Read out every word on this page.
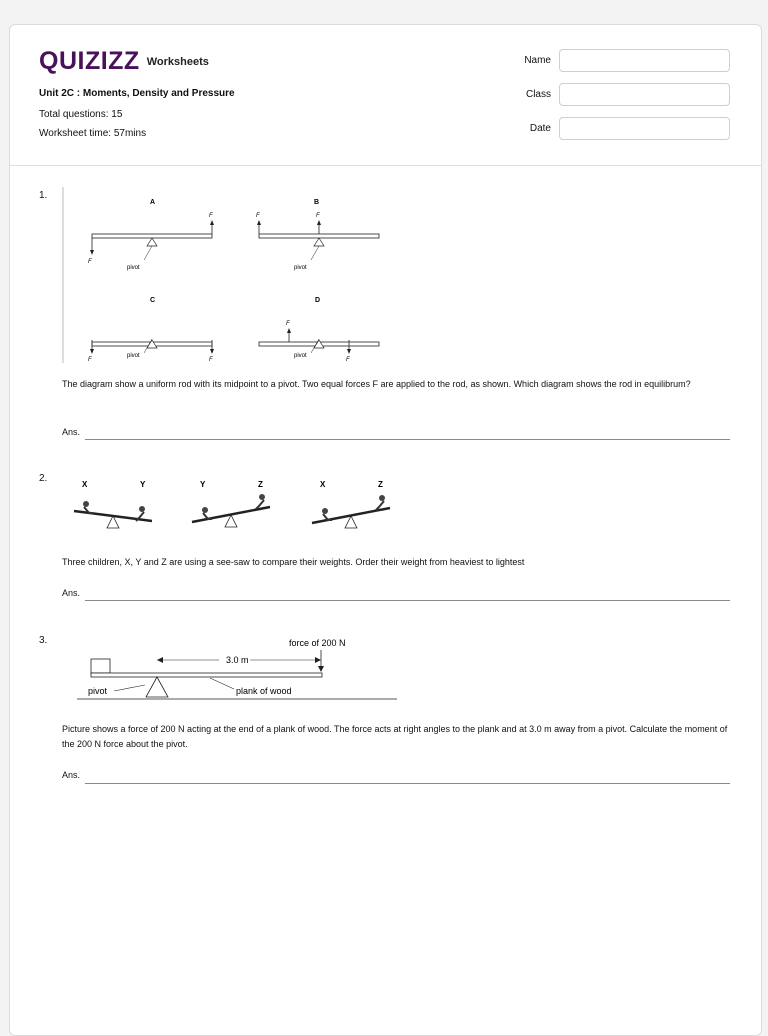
QUIZIZZ Worksheets
Unit 2C : Moments, Density and Pressure
Total questions: 15
Worksheet time: 57mins
Name
Class
Date
1.
A
pivot
F
F
B
pivot
F	F
C
pivot
F	F
D
pivot
F
F
The diagram show a uniform rod with its midpoint to a pivot. Two equal forces F are applied to the rod, as shown. Which diagram shows the rod in equilibrum?
Ans.
2.
X	Y	Y	Z	X	Z
Three children, X, Y and Z are using a see-saw to compare their weights. Order their weight from heaviest to lightest
Ans.
3.	force of 200 N
3.0 m
pivot	plank of wood
Picture shows a force of 200 N acting at the end of a plank of wood. The force acts at right angles to the plank and at 3.0 m away from a pivot. Calculate the moment of the 200 N force about the pivot.
Ans.
